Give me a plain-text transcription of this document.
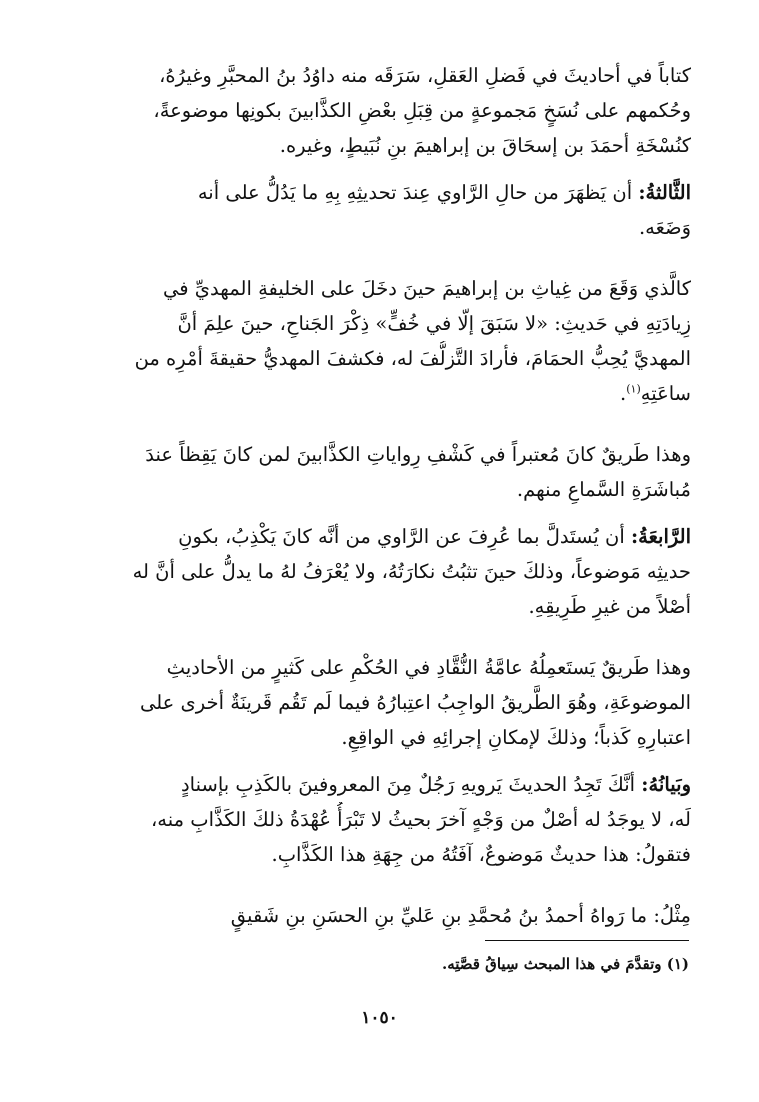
كتاباً في أحاديثَ في فَضلِ العَقلِ، سَرَقَه منه داوُدُ بنُ المحبَّرِ وغيرُهُ،
وحُكمهم على نُسَخٍ مَجموعةٍ من قِبَلِ بعْضِ الكذَّابينَ بكونِها موضوعةً،
كنُسْخَةِ أحمَدَ بن إسحَاقَ بن إبراهيمَ بنِ نُبَيطٍ، وغيره.

الثَّالثةُ: أن يَظهَرَ من حالِ الرَّاوي عِندَ تحديثِهِ بِهِ ما يَدُلُّ على أنه
وَضَعَه.

كالَّذي وَقَعَ من غِياثِ بن إبراهيمَ حينَ دخَلَ على الخليفةِ المهديِّ في
زِيادَتِهِ في حَديثِ: «لا سَبَقَ إلّا في خُفٍّ» ذِكْرَ الجَناحِ، حينَ علِمَ أنَّ
المهديَّ يُحِبُّ الحمَامَ، فأرادَ التَّزلُّفَ له، فكشفَ المهديُّ حقيقةَ أمْرِه من
ساعَتِهِ$^{(١)}$.

وهذا طَريقٌ كانَ مُعتبراً في كَشْفِ رِواياتِ الكذَّابينَ لمن كانَ يَقِظاً عندَ
مُباشَرَةِ السَّماعِ منهم.

الرَّابعَةُ: أن يُستَدلَّ بما عُرِفَ عن الرَّاوي من أنَّه كانَ يَكْذِبُ، بكونِ
حديثِه مَوضوعاً، وذلكَ حينَ تثبُتُ نكارَتُهُ، ولا يُعْرَفُ لهُ ما يدلُّ على أنَّ له
أصْلاً من غيرِ طَرِيقِهِ.

وهذا طَريقٌ يَستَعمِلُهُ عامَّةُ النُّقَّادِ في الحُكْمِ على كَثيرٍ من الأحاديثِ
الموضوعَةِ، وهُوَ الطَّريقُ الواجِبُ اعتِبارُهُ فيما لَم تَقُم قَرينَةٌ أخرى على
اعتبارِهِ كَذباً؛ وذلكَ لإمكانِ إجرائِهِ في الواقِعِ.

وبَيانُهُ: أنَّكَ تَجِدُ الحديثَ يَرويهِ رَجُلٌ مِنَ المعروفينَ بالكَذِبِ بإسنادٍ
لَه، لا يوجَدُ له أصْلٌ من وَجْهٍ آخرَ بحيثُ لا تَبْرَأُ عُهْدَةُ ذلكَ الكَذَّابِ منه،
فتقولُ: هذا حديثٌ مَوضوعٌ، آفَتُهُ من جِهَةِ هذا الكَذَّابِ.

مِثْلُ: ما رَواهُ أحمدُ بنُ مُحمَّدِ بنِ عَليِّ بنِ الحسَنِ بنِ شَقيقٍ

(١) وتقدَّمَ في هذا المبحث سِياقُ قصَّتِه.

١٠٥٠
